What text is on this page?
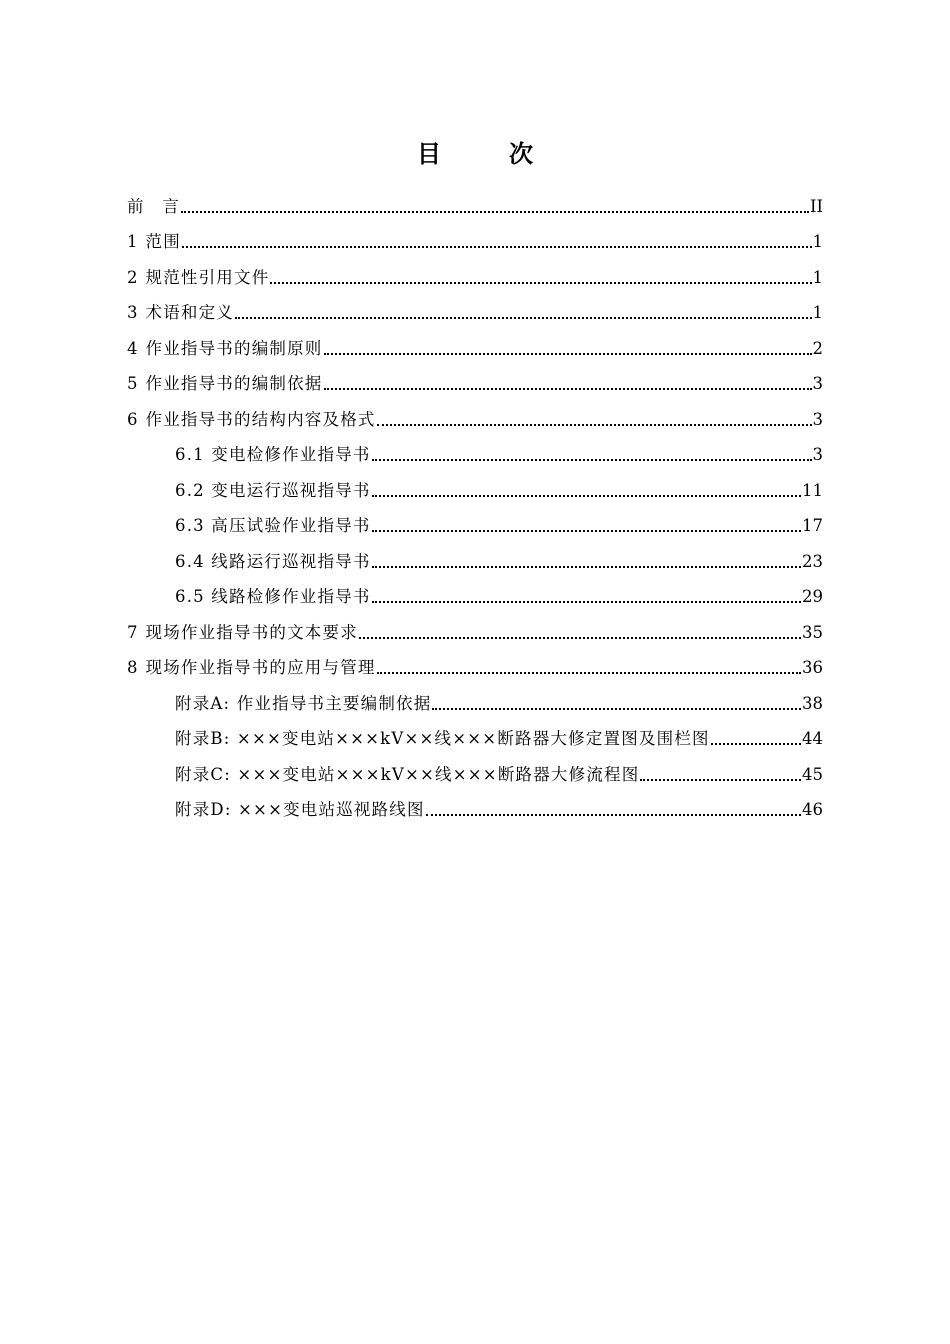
目　次
前　言	II
1 范围	1
2 规范性引用文件	1
3 术语和定义	1
4 作业指导书的编制原则	2
5 作业指导书的编制依据	3
6 作业指导书的结构内容及格式	3
6.1 变电检修作业指导书	3
6.2 变电运行巡视指导书	11
6.3 高压试验作业指导书	17
6.4 线路运行巡视指导书	23
6.5 线路检修作业指导书	29
7 现场作业指导书的文本要求	35
8 现场作业指导书的应用与管理	36
附录A: 作业指导书主要编制依据	38
附录B: ×××变电站×××kV××线×××断路器大修定置图及围栏图	44
附录C: ×××变电站×××kV××线×××断路器大修流程图	45
附录D: ×××变电站巡视路线图	46
